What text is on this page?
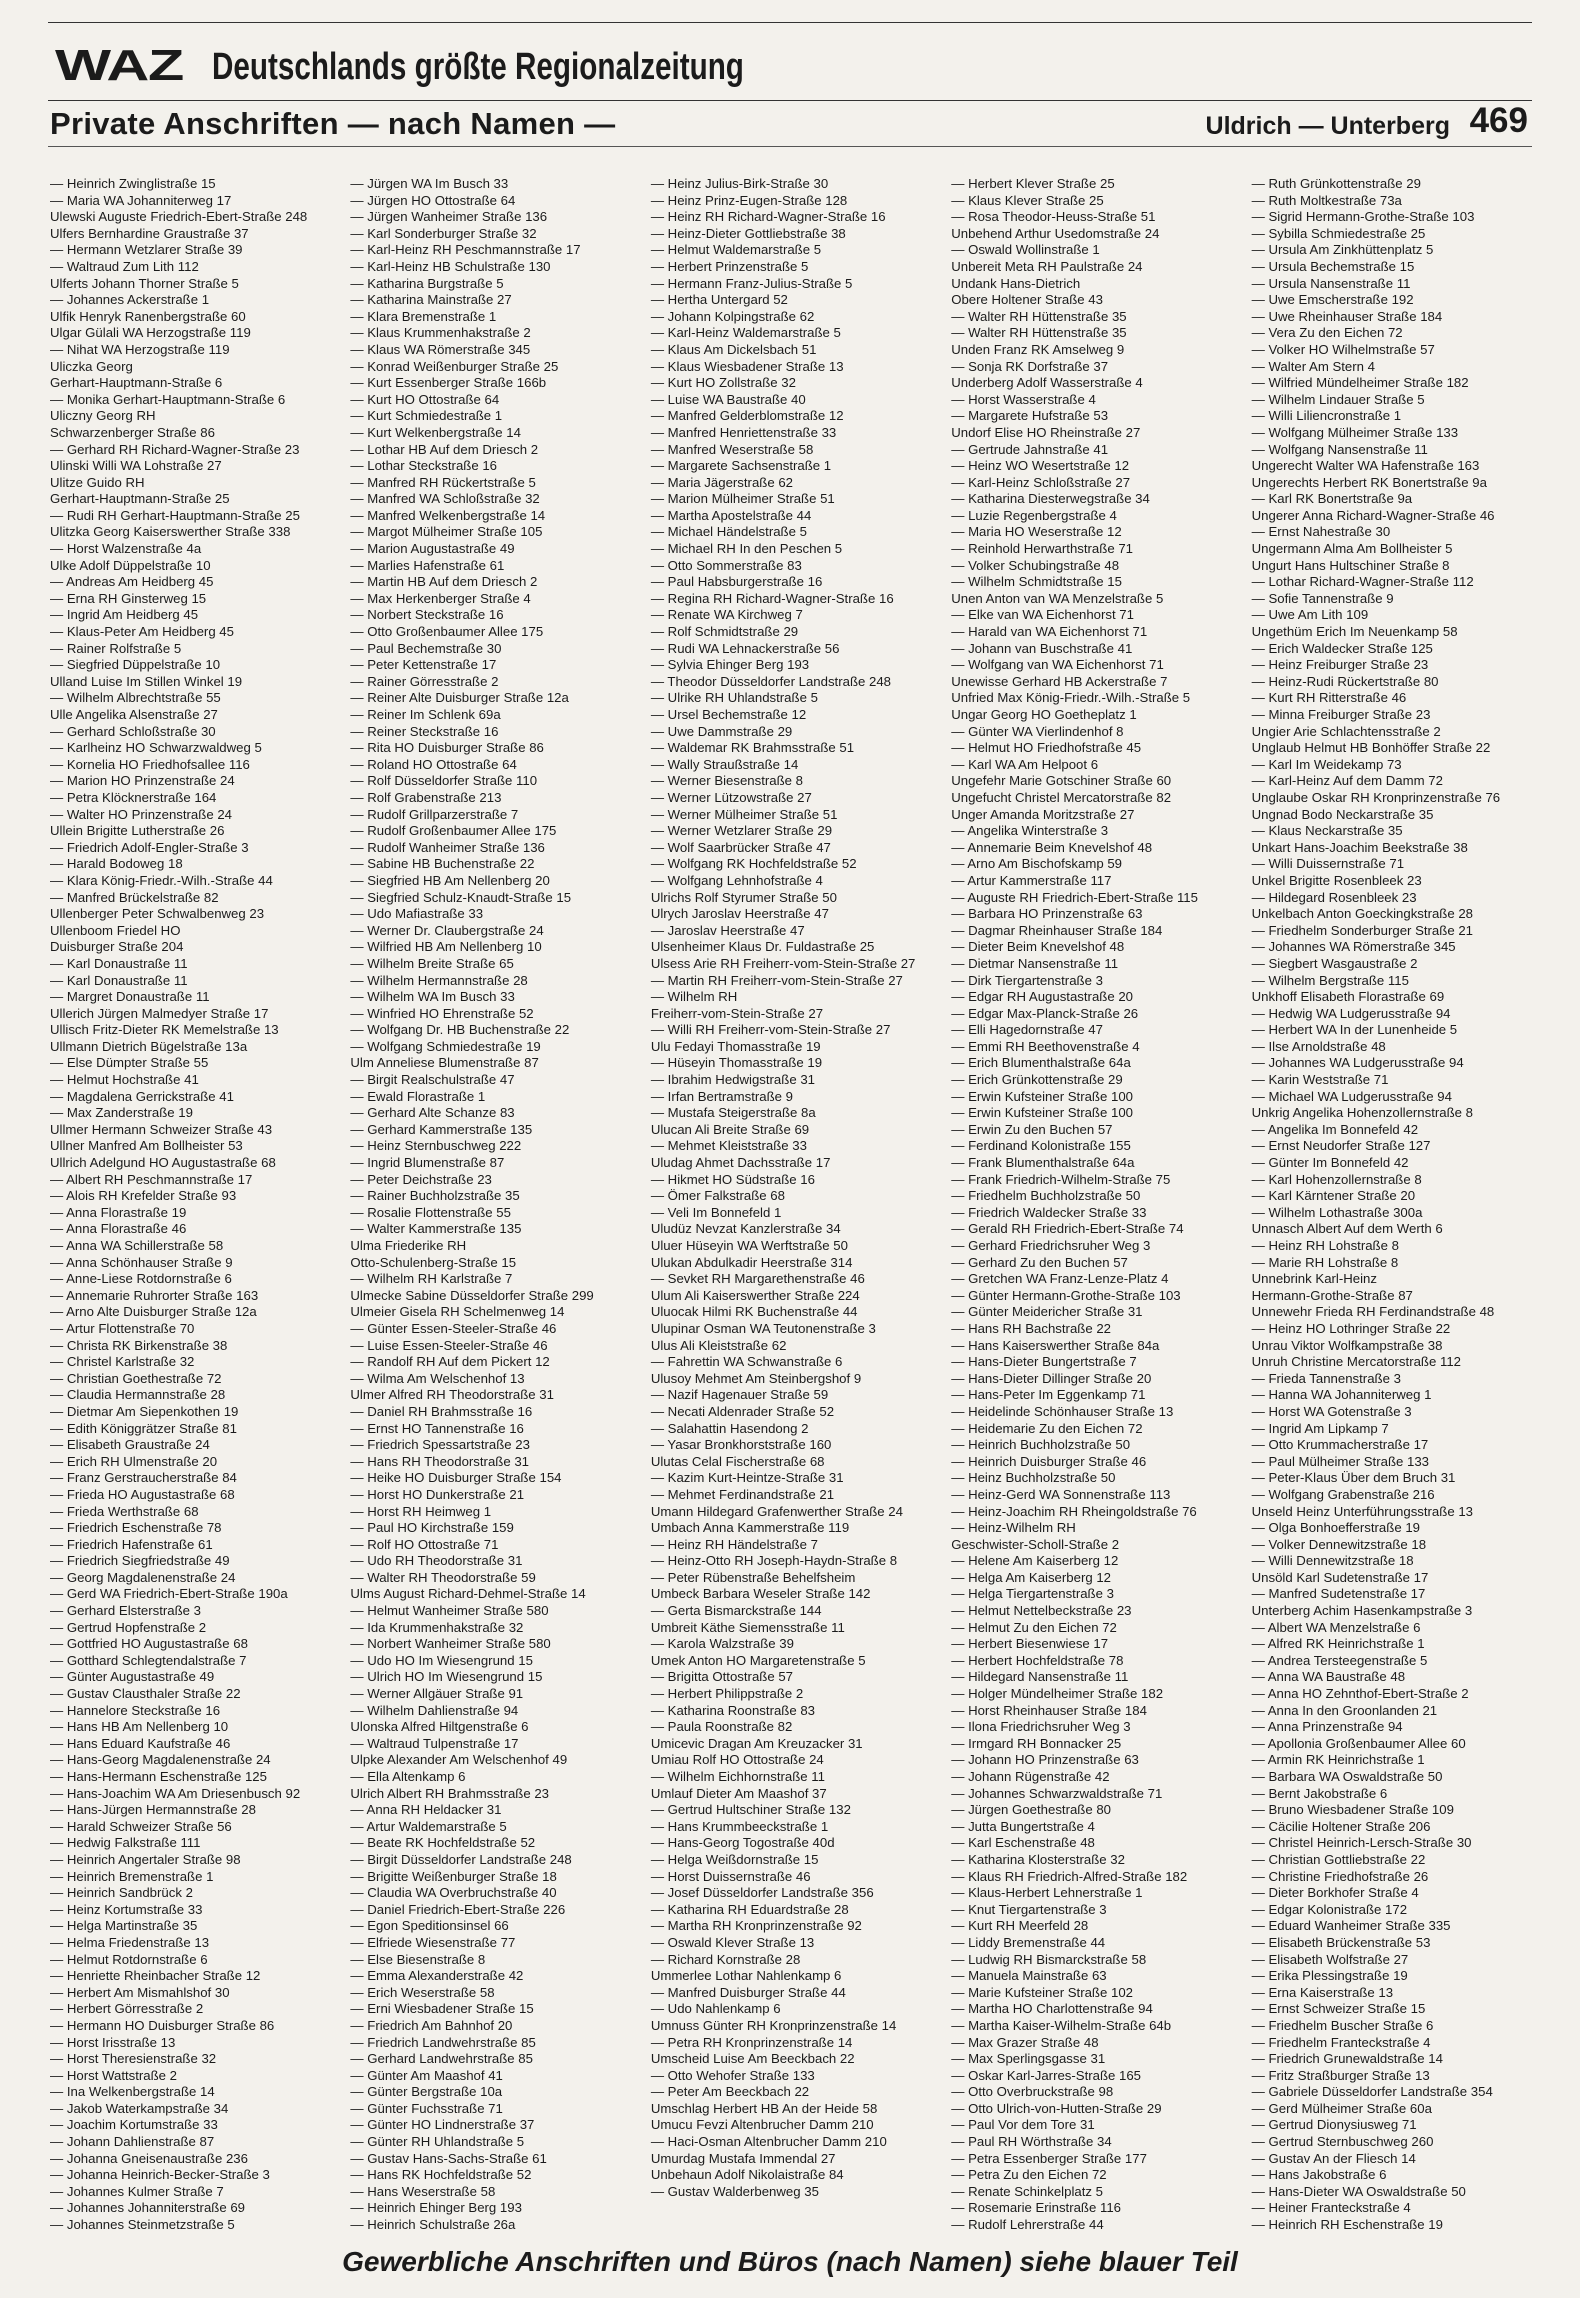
WAZ Deutschlands größte Regionalzeitung
Private Anschriften — nach Namen —	Uldrich — Unterberg 469
— Heinrich Zwinglistraße 15
— Maria WA Johanniterweg 17
Ulewski Auguste Friedrich-Ebert-Straße 248
Ulfers Bernhardine Graustraße 37
— Hermann Wetzlarer Straße 39
— Waltraud Zum Lith 112
Ulferts Johann Thorner Straße 5
— Johannes Ackerstraße 1
Ulfik Henryk Ranenbergstraße 60
Ulgar Gülali WA Herzogstraße 119
— Nihat WA Herzogstraße 119
Uliczka Georg
Gerhart-Hauptmann-Straße 6
— Monika Gerhart-Hauptmann-Straße 6
Uliczny Georg RH
Schwarzenberger Straße 86
— Gerhard RH Richard-Wagner-Straße 23
Ulinski Willi WA Lohstraße 27
Ulitze Guido RH
Gerhart-Hauptmann-Straße 25
— Rudi RH Gerhart-Hauptmann-Straße 25
Ulitzka Georg Kaiserswerther Straße 338
— Horst Walzenstraße 4a
Ulke Adolf Düppelstraße 10
— Andreas Am Heidberg 45
— Erna RH Ginsterweg 15
— Ingrid Am Heidberg 45
— Klaus-Peter Am Heidberg 45
— Rainer Rolfstraße 5
— Siegfried Düppelstraße 10
Ulland Luise Im Stillen Winkel 19
— Wilhelm Albrechtstraße 55
Ulle Angelika Alsenstraße 27
— Gerhard Schloßstraße 30
— Karlheinz HO Schwarzwaldweg 5
— Kornelia HO Friedhofsallee 116
— Marion HO Prinzenstraße 24
— Petra Klöcknerstraße 164
— Walter HO Prinzenstraße 24
Ullein Brigitte Lutherstraße 26
— Friedrich Adolf-Engler-Straße 3
— Harald Bodoweg 18
— Klara König-Friedr.-Wilh.-Straße 44
— Manfred Brückelstraße 82
Ullenberger Peter Schwalbenweg 23
Ullenboom Friedel HO
Duisburger Straße 204
— Karl Donaustraße 11
— Karl Donaustraße 11
— Margret Donaustraße 11
Ullerich Jürgen Malmedyer Straße 17
Ullisch Fritz-Dieter RK Memelstraße 13
Ullmann Dietrich Bügelstraße 13a
— Else Dümpter Straße 55
— Helmut Hochstraße 41
— Magdalena Gerrickstraße 41
— Max Zanderstraße 19
Ullmer Hermann Schweizer Straße 43
Ullner Manfred Am Bollheister 53
Ullrich Adelgund HO Augustastraße 68
— Albert RH Peschmannstraße 17
— Alois RH Krefelder Straße 93
— Anna Florastraße 19
— Anna Florastraße 46
— Anna WA Schillerstraße 58
— Anna Schönhauser Straße 9
— Anne-Liese Rotdornstraße 6
— Annemarie Ruhrorter Straße 163
— Arno Alte Duisburger Straße 12a
— Artur Flottenstraße 70
— Christa RK Birkenstraße 38
— Christel Karlstraße 32
— Christian Goethestraße 72
— Claudia Hermannstraße 28
— Dietmar Am Siepenkothen 19
— Edith Königgrätzer Straße 81
— Elisabeth Graustraße 24
— Erich RH Ulmenstraße 20
— Franz Gerstraucherstraße 84
— Frieda HO Augustastraße 68
— Frieda Werthstraße 68
— Friedrich Eschenstraße 78
— Friedrich Hafenstraße 61
— Friedrich Siegfriedstraße 49
— Georg Magdalenenstraße 24
— Gerd WA Friedrich-Ebert-Straße 190a
— Gerhard Elsterstraße 3
— Gertrud Hopfenstraße 2
— Gottfried HO Augustastraße 68
— Gotthard Schlegtendalstraße 7
— Günter Augustastraße 49
— Gustav Clausthaler Straße 22
— Hannelore Steckstraße 16
— Hans HB Am Nellenberg 10
— Hans Eduard Kaufstraße 46
— Hans-Georg Magdalenenstraße 24
— Hans-Hermann Eschenstraße 125
— Hans-Joachim WA Am Driesenbusch 92
— Hans-Jürgen Hermannstraße 28
— Harald Schweizer Straße 56
— Hedwig Falkstraße 111
— Heinrich Angertaler Straße 98
— Heinrich Bremenstraße 1
— Heinrich Sandbrück 2
— Heinz Kortumstraße 33
— Helga Martinstraße 35
— Helma Friedenstraße 13
— Helmut Rotdornstraße 6
— Henriette Rheinbacher Straße 12
— Herbert Am Mismahlshof 30
— Herbert Görresstraße 2
— Hermann HO Duisburger Straße 86
— Horst Irisstraße 13
— Horst Theresienstraße 32
— Horst Wattstraße 2
— Ina Welkenbergstraße 14
— Jakob Waterkampstraße 34
— Joachim Kortumstraße 33
— Johann Dahlienstraße 87
— Johanna Gneisenaustraße 236
— Johanna Heinrich-Becker-Straße 3
— Johannes Kulmer Straße 7
— Johannes Johanniterstraße 69
— Johannes Steinmetzstraße 5
— Jürgen WA Im Busch 33
— Jürgen HO Ottostraße 64
— Jürgen Wanheimer Straße 136
— Karl Sonderburger Straße 32
— Karl-Heinz RH Peschmannstraße 17
— Karl-Heinz HB Schulstraße 130
— Katharina Burgstraße 5
— Katharina Mainstraße 27
— Klara Bremenstraße 1
— Klaus Krummenhakstraße 2
— Klaus WA Römerstraße 345
— Konrad Weißenburger Straße 25
— Kurt Essenberger Straße 166b
— Kurt HO Ottostraße 64
— Kurt Schmiedestraße 1
— Kurt Welkenbergstraße 14
— Lothar HB Auf dem Driesch 2
— Lothar Steckstraße 16
— Manfred RH Rückertstraße 5
— Manfred WA Schloßstraße 32
— Manfred Welkenbergstraße 14
— Margot Mülheimer Straße 105
— Marion Augustastraße 49
— Marlies Hafenstraße 61
— Martin HB Auf dem Driesch 2
— Max Herkenberger Straße 4
— Norbert Steckstraße 16
— Otto Großenbaumer Allee 175
— Paul Bechemstraße 30
— Peter Kettenstraße 17
— Rainer Görresstraße 2
— Reiner Alte Duisburger Straße 12a
— Reiner Im Schlenk 69a
— Reiner Steckstraße 16
— Rita HO Duisburger Straße 86
— Roland HO Ottostraße 64
— Rolf Düsseldorfer Straße 110
— Rolf Grabenstraße 213
— Rudolf Grillparzerstraße 7
— Rudolf Großenbaumer Allee 175
— Rudolf Wanheimer Straße 136
— Sabine HB Buchenstraße 22
— Siegfried HB Am Nellenberg 20
— Siegfried Schulz-Knaudt-Straße 15
— Udo Mafiastraße 33
— Werner Dr. Claubergstraße 24
— Wilfried HB Am Nellenberg 10
— Wilhelm Breite Straße 65
— Wilhelm Hermannstraße 28
— Wilhelm WA Im Busch 33
— Winfried HO Ehrenstraße 52
— Wolfgang Dr. HB Buchenstraße 22
— Wolfgang Schmiedestraße 19
Ulm Anneliese Blumenstraße 87
— Birgit Realschulstraße 47
— Ewald Florastraße 1
— Gerhard Alte Schanze 83
— Gerhard Kammerstraße 135
— Heinz Sternbuschweg 222
— Ingrid Blumenstraße 87
— Peter Deichstraße 23
— Rainer Buchholzstraße 35
— Rosalie Flottenstraße 55
— Walter Kammerstraße 135
Ulma Friederike RH
Otto-Schulenberg-Straße 15
— Wilhelm RH Karlstraße 7
Ulmecke Sabine Düsseldorfer Straße 299
Ulmeier Gisela RH Schelmenweg 14
— Günter Essen-Steeler-Straße 46
— Luise Essen-Steeler-Straße 46
— Randolf RH Auf dem Pickert 12
— Wilma Am Welschenhof 13
Ulmer Alfred RH Theodorstraße 31
— Daniel RH Brahmsstraße 16
— Ernst HO Tannenstraße 16
— Friedrich Spessartstraße 23
— Hans RH Theodorstraße 31
— Heike HO Duisburger Straße 154
— Horst HO Dunkerstraße 21
— Horst RH Heimweg 1
— Paul HO Kirchstraße 159
— Rolf HO Ottostraße 71
— Udo RH Theodorstraße 31
— Walter RH Theodorstraße 59
Ulms August Richard-Dehmel-Straße 14
— Helmut Wanheimer Straße 580
— Ida Krummenhakstraße 32
— Norbert Wanheimer Straße 580
— Udo HO Im Wiesengrund 15
— Ulrich HO Im Wiesengrund 15
— Werner Allgäuer Straße 91
— Wilhelm Dahlienstraße 94
Ulonska Alfred Hiltgenstraße 6
— Waltraud Tulpenstraße 17
Ulpke Alexander Am Welschenhof 49
— Ella Altenkamp 6
Ulrich Albert RH Brahmsstraße 23
— Anna RH Heldacker 31
— Artur Waldemarstraße 5
— Beate RK Hochfeldstraße 52
— Birgit Düsseldorfer Landstraße 248
— Brigitte Weißenburger Straße 18
— Claudia WA Overbruchstraße 40
— Daniel Friedrich-Ebert-Straße 226
— Egon Speditionsinsel 66
— Elfriede Wiesenstraße 77
— Else Biesenstraße 8
— Emma Alexanderstraße 42
— Erich Weserstraße 58
— Erni Wiesbadener Straße 15
— Friedrich Am Bahnhof 20
— Friedrich Landwehrstraße 85
— Gerhard Landwehrstraße 85
— Günter Am Maashof 41
— Günter Bergstraße 10a
— Günter Fuchsstraße 71
— Günter HO Lindnerstraße 37
— Günter RH Uhlandstraße 5
— Gustav Hans-Sachs-Straße 61
— Hans RK Hochfeldstraße 52
— Hans Weserstraße 58
— Heinrich Ehinger Berg 193
— Heinrich Schulstraße 26a
— Heinz Julius-Birk-Straße 30
— Heinz Prinz-Eugen-Straße 128
— Heinz RH Richard-Wagner-Straße 16
— Heinz-Dieter Gottliebstraße 38
— Helmut Waldemarstraße 5
— Herbert Prinzenstraße 5
— Hermann Franz-Julius-Straße 5
— Hertha Untergard 52
— Johann Kolpingstraße 62
— Karl-Heinz Waldemarstraße 5
— Klaus Am Dickelsbach 51
— Klaus Wiesbadener Straße 13
— Kurt HO Zollstraße 32
— Luise WA Baustraße 40
— Manfred Gelderblomstraße 12
— Manfred Henriettenstraße 33
— Manfred Weserstraße 58
— Margarete Sachsenstraße 1
— Maria Jägerstraße 62
— Marion Mülheimer Straße 51
— Martha Apostelstraße 44
— Michael Händelstraße 5
— Michael RH In den Peschen 5
— Otto Sommerstraße 83
— Paul Habsburgerstraße 16
— Regina RH Richard-Wagner-Straße 16
— Renate WA Kirchweg 7
— Rolf Schmidtstraße 29
— Rudi WA Lehnackerstraße 56
— Sylvia Ehinger Berg 193
— Theodor Düsseldorfer Landstraße 248
— Ulrike RH Uhlandstraße 5
— Ursel Bechemstraße 12
— Uwe Dammstraße 29
— Waldemar RK Brahmsstraße 51
— Wally Straußstraße 14
— Werner Biesenstraße 8
— Werner Lützowstraße 27
— Werner Mülheimer Straße 51
— Werner Wetzlarer Straße 29
— Wolf Saarbrücker Straße 47
— Wolfgang RK Hochfeldstraße 52
— Wolfgang Lehnhofstraße 4
Ulrichs Rolf Styrumer Straße 50
Ulrych Jaroslav Heerstraße 47
— Jaroslav Heerstraße 47
Ulsenheimer Klaus Dr. Fuldastraße 25
Ulsess Arie RH Freiherr-vom-Stein-Straße 27
— Martin RH Freiherr-vom-Stein-Straße 27
— Wilhelm RH
Freiherr-vom-Stein-Straße 27
— Willi RH Freiherr-vom-Stein-Straße 27
Ulu Fedayi Thomasstraße 19
— Hüseyin Thomasstraße 19
— Ibrahim Hedwigstraße 31
— Irfan Bertramstraße 9
— Mustafa Steigerstraße 8a
Ulucan Ali Breite Straße 69
— Mehmet Kleiststraße 33
Uludag Ahmet Dachsstraße 17
— Hikmet HO Südstraße 16
— Ömer Falkstraße 68
— Veli Im Bonnefeld 1
Uludüz Nevzat Kanzlerstraße 34
Uluer Hüseyin WA Werftstraße 50
Ulukan Abdulkadir Heerstraße 314
— Sevket RH Margarethenstraße 46
Ulum Ali Kaiserswerther Straße 224
Uluocak Hilmi RK Buchenstraße 44
Ulupinar Osman WA Teutonenstraße 3
Ulus Ali Kleiststraße 62
— Fahrettin WA Schwanstraße 6
Ulusoy Mehmet Am Steinbergshof 9
— Nazif Hagenauer Straße 59
— Necati Aldenrader Straße 52
— Salahattin Hasendong 2
— Yasar Bronkhorststraße 160
Ulutas Celal Fischerstraße 68
— Kazim Kurt-Heintze-Straße 31
— Mehmet Ferdinandstraße 21
Umann Hildegard Grafenwerther Straße 24
Umbach Anna Kammerstraße 119
— Heinz RH Händelstraße 7
— Heinz-Otto RH Joseph-Haydn-Straße 8
— Peter Rübenstraße Behelfsheim
Umbeck Barbara Weseler Straße 142
— Gerta Bismarckstraße 144
Umbreit Käthe Siemensstraße 11
— Karola Walzstraße 39
Umek Anton HO Margaretenstraße 5
— Brigitta Ottostraße 57
— Herbert Philippstraße 2
— Katharina Roonstraße 83
— Paula Roonstraße 82
Umicevic Dragan Am Kreuzacker 31
Umiau Rolf HO Ottostraße 24
— Wilhelm Eichhornstraße 11
Umlauf Dieter Am Maashof 37
— Gertrud Hultschiner Straße 132
— Hans Krummbeeckstraße 1
— Hans-Georg Togostraße 40d
— Helga Weißdornstraße 15
— Horst Duissernstraße 46
— Josef Düsseldorfer Landstraße 356
— Katharina RH Eduardstraße 28
— Martha RH Kronprinzenstraße 92
— Oswald Klever Straße 13
— Richard Kornstraße 28
Ummerlee Lothar Nahlenkamp 6
— Manfred Duisburger Straße 44
— Udo Nahlenkamp 6
Umnuss Günter RH Kronprinzenstraße 14
— Petra RH Kronprinzenstraße 14
Umscheid Luise Am Beeckbach 22
— Otto Wehofer Straße 133
— Peter Am Beeckbach 22
Umschlag Herbert HB An der Heide 58
Umucu Fevzi Altenbrucher Damm 210
— Haci-Osman Altenbrucher Damm 210
Umurdag Mustafa Immendal 27
Unbehaun Adolf Nikolaistraße 84
— Gustav Walderbenweg 35
— Herbert Klever Straße 25
— Klaus Klever Straße 25
— Rosa Theodor-Heuss-Straße 51
Unbehend Arthur Usedomstraße 24
— Oswald Wollinstraße 1
Unbereit Meta RH Paulstraße 24
Undank Hans-Dietrich
Obere Holtener Straße 43
— Walter RH Hüttenstraße 35
— Walter RH Hüttenstraße 35
Unden Franz RK Amselweg 9
— Sonja RK Dorfstraße 37
Underberg Adolf Wasserstraße 4
— Horst Wasserstraße 4
— Margarete Hufstraße 53
Undorf Elise HO Rheinstraße 27
— Gertrude Jahnstraße 41
— Heinz WO Wesertstraße 12
— Karl-Heinz Schloßstraße 27
— Katharina Diesterwegstraße 34
— Luzie Regenbergstraße 4
— Maria HO Weserstraße 12
— Reinhold Herwarthstraße 71
— Volker Schubingstraße 48
— Wilhelm Schmidtstraße 15
Unen Anton van WA Menzelstraße 5
— Elke van WA Eichenhorst 71
— Harald van WA Eichenhorst 71
— Johann van Buschstraße 41
— Wolfgang van WA Eichenhorst 71
Unewisse Gerhard HB Ackerstraße 7
Unfried Max König-Friedr.-Wilh.-Straße 5
Ungar Georg HO Goetheplatz 1
— Günter WA Vierlindenhof 8
— Helmut HO Friedhofstraße 45
— Karl WA Am Helpoot 6
Ungefehr Marie Gotschiner Straße 60
Ungefucht Christel Mercatorstraße 82
Unger Amanda Moritzstraße 27
— Angelika Winterstraße 3
— Annemarie Beim Knevelshof 48
— Arno Am Bischofskamp 59
— Artur Kammerstraße 117
— Auguste RH Friedrich-Ebert-Straße 115
— Barbara HO Prinzenstraße 63
— Dagmar Rheinhauser Straße 184
— Dieter Beim Knevelshof 48
— Dietmar Nansenstraße 11
— Dirk Tiergartenstraße 3
— Edgar RH Augustastraße 20
— Edgar Max-Planck-Straße 26
— Elli Hagedornstraße 47
— Emmi RH Beethovenstraße 4
— Erich Blumenthalstraße 64a
— Erich Grünkottenstraße 29
— Erwin Kufsteiner Straße 100
— Erwin Kufsteiner Straße 100
— Erwin Zu den Buchen 57
— Ferdinand Kolonistraße 155
— Frank Blumenthalstraße 64a
— Frank Friedrich-Wilhelm-Straße 75
— Friedhelm Buchholzstraße 50
— Friedrich Waldecker Straße 33
— Gerald RH Friedrich-Ebert-Straße 74
— Gerhard Friedrichsruher Weg 3
— Gerhard Zu den Buchen 57
— Gretchen WA Franz-Lenze-Platz 4
— Günter Hermann-Grothe-Straße 103
— Günter Meidericher Straße 31
— Hans RH Bachstraße 22
— Hans Kaiserswerther Straße 84a
— Hans-Dieter Bungertstraße 7
— Hans-Dieter Dillinger Straße 20
— Hans-Peter Im Eggenkamp 71
— Heidelinde Schönhauser Straße 13
— Heidemarie Zu den Eichen 72
— Heinrich Buchholzstraße 50
— Heinrich Duisburger Straße 46
— Heinz Buchholzstraße 50
— Heinz-Gerd WA Sonnenstraße 113
— Heinz-Joachim RH Rheingoldstraße 76
— Heinz-Wilhelm RH
Geschwister-Scholl-Straße 2
— Helene Am Kaiserberg 12
— Helga Am Kaiserberg 12
— Helga Tiergartenstraße 3
— Helmut Nettelbeckstraße 23
— Helmut Zu den Eichen 72
— Herbert Biesenwiese 17
— Herbert Hochfeldstraße 78
— Hildegard Nansenstraße 11
— Holger Mündelheimer Straße 182
— Horst Rheinhauser Straße 184
— Ilona Friedrichsruher Weg 3
— Irmgard RH Bonnacker 25
— Johann HO Prinzenstraße 63
— Johann Rügenstraße 42
— Johannes Schwarzwaldstraße 71
— Jürgen Goethestraße 80
— Jutta Bungertstraße 4
— Karl Eschenstraße 48
— Katharina Klosterstraße 32
— Klaus RH Friedrich-Alfred-Straße 182
— Klaus-Herbert Lehnerstraße 1
— Knut Tiergartenstraße 3
— Kurt RH Meerfeld 28
— Liddy Bremenstraße 44
— Ludwig RH Bismarckstraße 58
— Manuela Mainstraße 63
— Marie Kufsteiner Straße 102
— Martha HO Charlottenstraße 94
— Martha Kaiser-Wilhelm-Straße 64b
— Max Grazer Straße 48
— Max Sperlingsgasse 31
— Oskar Karl-Jarres-Straße 165
— Otto Overbruckstraße 98
— Otto Ulrich-von-Hutten-Straße 29
— Paul Vor dem Tore 31
— Paul RH Wörthstraße 34
— Petra Essenberger Straße 177
— Petra Zu den Eichen 72
— Renate Schinkelplatz 5
— Rosemarie Erinstraße 116
— Rudolf Lehrerstraße 44
— Ruth Grünkottenstraße 29
— Ruth Moltkestraße 73a
— Sigrid Hermann-Grothe-Straße 103
— Sybilla Schmiedestraße 25
— Ursula Am Zinkhüttenplatz 5
— Ursula Bechemstraße 15
— Ursula Nansenstraße 11
— Uwe Emscherstraße 192
— Uwe Rheinhauser Straße 184
— Vera Zu den Eichen 72
— Volker HO Wilhelmstraße 57
— Walter Am Stern 4
— Wilfried Mündelheimer Straße 182
— Wilhelm Lindauer Straße 5
— Willi Liliencronstraße 1
— Wolfgang Mülheimer Straße 133
— Wolfgang Nansenstraße 11
Ungerecht Walter WA Hafenstraße 163
Ungerechts Herbert RK Bonertstraße 9a
— Karl RK Bonertstraße 9a
Ungerer Anna Richard-Wagner-Straße 46
— Ernst Nahestraße 30
Ungermann Alma Am Bollheister 5
Ungurt Hans Hultschiner Straße 8
— Lothar Richard-Wagner-Straße 112
— Sofie Tannenstraße 9
— Uwe Am Lith 109
Ungethüm Erich Im Neuenkamp 58
— Erich Waldecker Straße 125
— Heinz Freiburger Straße 23
— Heinz-Rudi Rückertstraße 80
— Kurt RH Ritterstraße 46
— Minna Freiburger Straße 23
Ungier Arie Schlachtensstraße 2
Unglaub Helmut HB Bonhöffer Straße 22
— Karl Im Weidekamp 73
— Karl-Heinz Auf dem Damm 72
Unglaube Oskar RH Kronprinzenstraße 76
Ungnad Bodo Neckarstraße 35
— Klaus Neckarstraße 35
Unkart Hans-Joachim Beekstraße 38
— Willi Duissernstraße 71
Unkel Brigitte Rosenbleek 23
— Hildegard Rosenbleek 23
Unkelbach Anton Goeckingkstraße 28
— Friedhelm Sonderburger Straße 21
— Johannes WA Römerstraße 345
— Siegbert Wasgaustraße 2
— Wilhelm Bergstraße 115
Unkhoff Elisabeth Florastraße 69
— Hedwig WA Ludgerusstraße 94
— Herbert WA In der Lunenheide 5
— Ilse Arnoldstraße 48
— Johannes WA Ludgerusstraße 94
— Karin Weststraße 71
— Michael WA Ludgerusstraße 94
Unkrig Angelika Hohenzollernstraße 8
— Angelika Im Bonnefeld 42
— Ernst Neudorfer Straße 127
— Günter Im Bonnefeld 42
— Karl Hohenzollernstraße 8
— Karl Kärntener Straße 20
— Wilhelm Lothastraße 300a
Unnasch Albert Auf dem Werth 6
— Heinz RH Lohstraße 8
— Marie RH Lohstraße 8
Unnebrink Karl-Heinz
Hermann-Grothe-Straße 87
Unnewehr Frieda RH Ferdinandstraße 48
— Heinz HO Lothringer Straße 22
Unrau Viktor Wolfkampstraße 38
Unruh Christine Mercatorstraße 112
— Frieda Tannenstraße 3
— Hanna WA Johanniterweg 1
— Horst WA Gotenstraße 3
— Ingrid Am Lipkamp 7
— Otto Krummacherstraße 17
— Paul Mülheimer Straße 133
— Peter-Klaus Über dem Bruch 31
— Wolfgang Grabenstraße 216
Unseld Heinz Unterführungsstraße 13
— Olga Bonhoefferstraße 19
— Volker Dennewitzstraße 18
— Willi Dennewitzstraße 18
Unsöld Karl Sudetenstraße 17
— Manfred Sudetenstraße 17
Unterberg Achim Hasenkampstraße 3
— Albert WA Menzelstraße 6
— Alfred RK Heinrichstraße 1
— Andrea Tersteegenstraße 5
— Anna WA Baustraße 48
— Anna HO Zehnthof-Ebert-Straße 2
— Anna In den Groonlanden 21
— Anna Prinzenstraße 94
— Apollonia Großenbaumer Allee 60
— Armin RK Heinrichstraße 1
— Barbara WA Oswaldstraße 50
— Bernt Jakobstraße 6
— Bruno Wiesbadener Straße 109
— Cäcilie Holtener Straße 206
— Christel Heinrich-Lersch-Straße 30
— Christian Gottliebstraße 22
— Christine Friedhofstraße 26
— Dieter Borkhofer Straße 4
— Edgar Kolonistraße 172
— Eduard Wanheimer Straße 335
— Elisabeth Brückenstraße 53
— Elisabeth Wolfstraße 27
— Erika Plessingstraße 19
— Erna Kaiserstraße 13
— Ernst Schweizer Straße 15
— Friedhelm Buscher Straße 6
— Friedhelm Franteckstraße 4
— Friedrich Grunewaldstraße 14
— Fritz Straßburger Straße 13
— Gabriele Düsseldorfer Landstraße 354
— Gerd Mülheimer Straße 60a
— Gertrud Dionysiusweg 71
— Gertrud Sternbuschweg 260
— Gustav An der Fliesch 14
— Hans Jakobstraße 6
— Hans-Dieter WA Oswaldstraße 50
— Heiner Franteckstraße 4
— Heinrich RH Eschenstraße 19
Gewerbliche Anschriften und Büros (nach Namen) siehe blauer Teil
